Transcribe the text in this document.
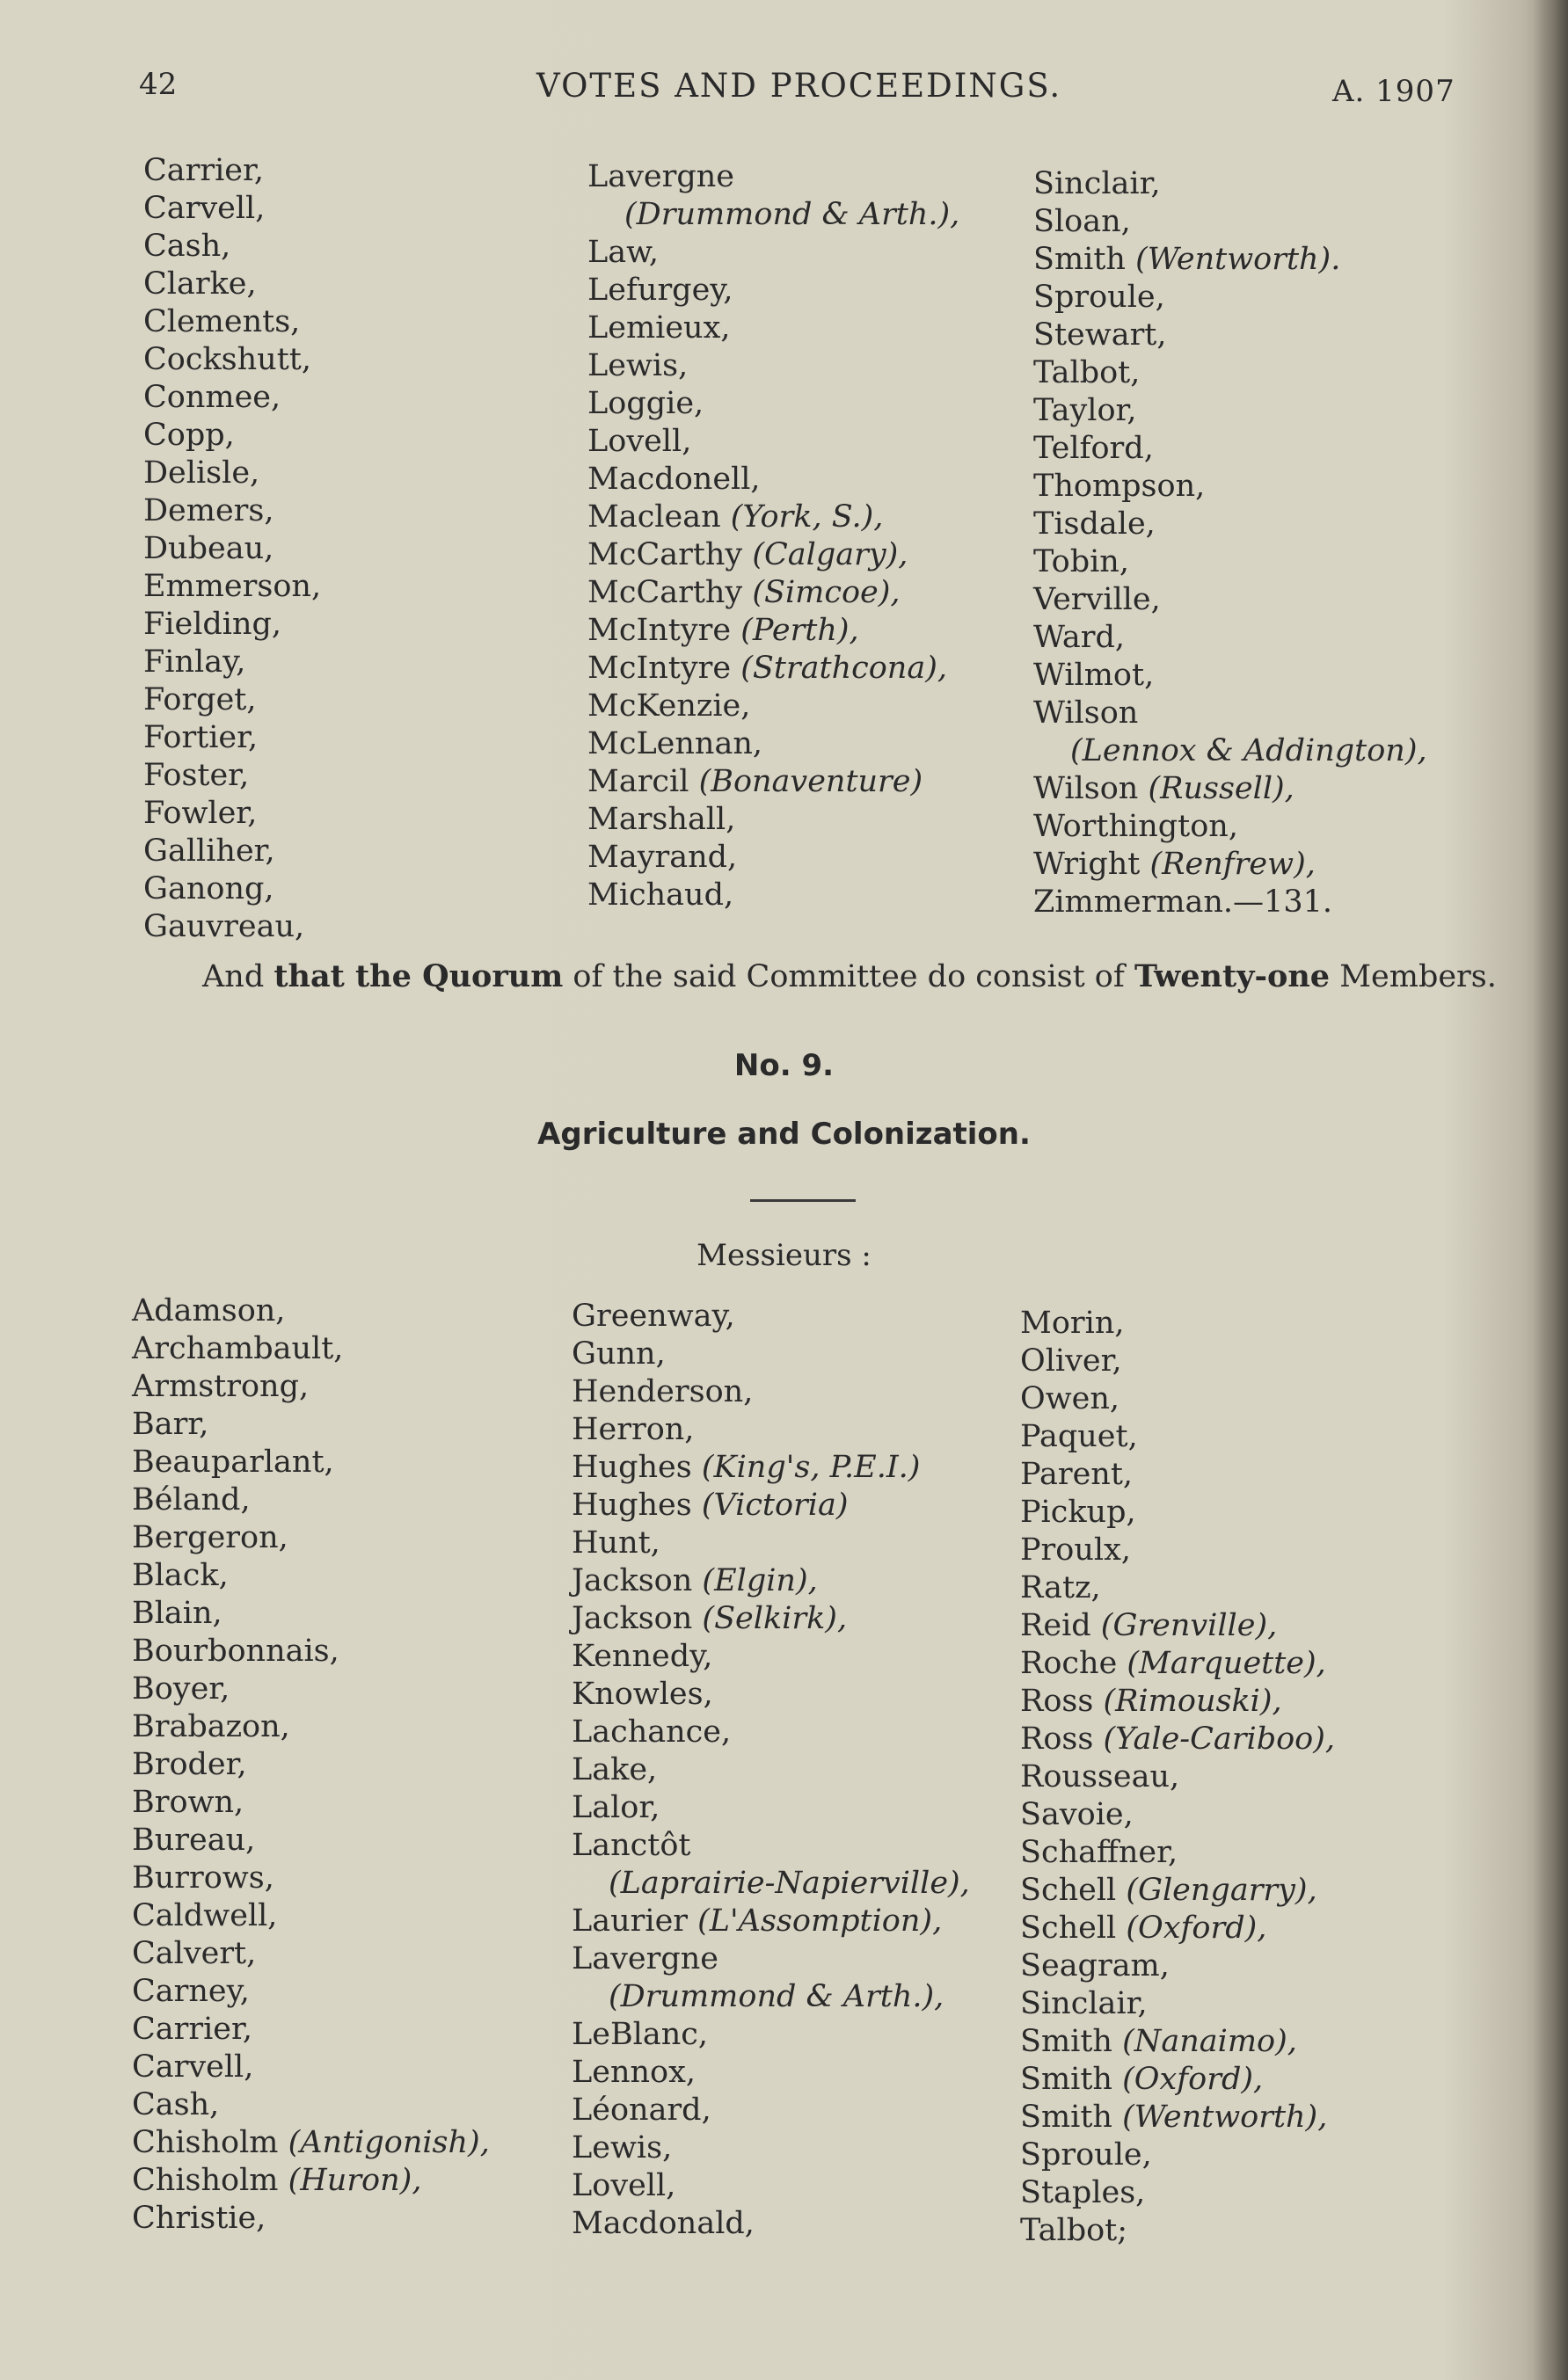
42	VOTES AND PROCEEDINGS.	A. 1907
Carrier,
Carvell,
Cash,
Clarke,
Clements,
Cockshutt,
Conmee,
Copp,
Delisle,
Demers,
Dubeau,
Emmerson,
Fielding,
Finlay,
Forget,
Fortier,
Foster,
Fowler,
Galliher,
Ganong,
Gauvreau,
Lavergne
(Drummond & Arth.),
Law,
Lefurgey,
Lemieux,
Lewis,
Loggie,
Lovell,
Macdonell,
Maclean (York, S.),
McCarthy (Calgary),
McCarthy (Simcoe),
McIntyre (Perth),
McIntyre (Strathcona),
McKenzie,
McLennan,
Marcil (Bonaventure)
Marshall,
Mayrand,
Michaud,
Sinclair,
Sloan,
Smith (Wentworth).
Sproule,
Stewart,
Talbot,
Taylor,
Telford,
Thompson,
Tisdale,
Tobin,
Verville,
Ward,
Wilmot,
Wilson
(Lennox & Addington),
Wilson (Russell),
Worthington,
Wright (Renfrew),
Zimmerman.—131.
And that the Quorum of the said Committee do consist of Twenty-one Members.
No. 9.
Agriculture and Colonization.
Messieurs :
Adamson,
Archambault,
Armstrong,
Barr,
Beauparlant,
Béland,
Bergeron,
Black,
Blain,
Bourbonnais,
Boyer,
Brabazon,
Broder,
Brown,
Bureau,
Burrows,
Caldwell,
Calvert,
Carney,
Carrier,
Carvell,
Cash,
Chisholm (Antigonish),
Chisholm (Huron),
Christie,
Greenway,
Gunn,
Henderson,
Herron,
Hughes (King's, P.E.I.)
Hughes (Victoria)
Hunt,
Jackson (Elgin),
Jackson (Selkirk),
Kennedy,
Knowles,
Lachance,
Lake,
Lalor,
Lanctôt
(Laprairie-Napierville),
Laurier (L'Assomption),
Lavergne
(Drummond & Arth.),
LeBlanc,
Lennox,
Léonard,
Lewis,
Lovell,
Macdonald,
Morin,
Oliver,
Owen,
Paquet,
Parent,
Pickup,
Proulx,
Ratz,
Reid (Grenville),
Roche (Marquette),
Ross (Rimouski),
Ross (Yale-Cariboo),
Rousseau,
Savoie,
Schaffner,
Schell (Glengarry),
Schell (Oxford),
Seagram,
Sinclair,
Smith (Nanaimo),
Smith (Oxford),
Smith (Wentworth),
Sproule,
Staples,
Talbot;
